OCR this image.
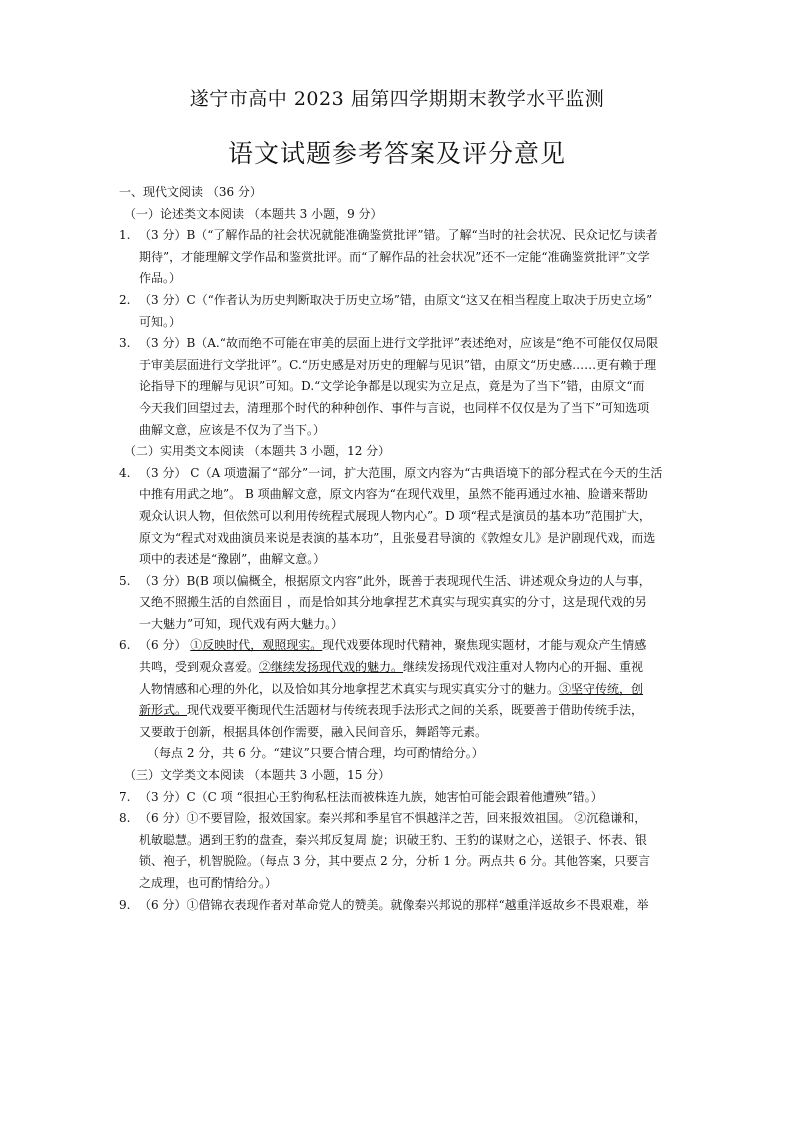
遂宁市高中 2023 届第四学期期末教学水平监测
语文试题参考答案及评分意见
一、现代文阅读 （36 分）
（一）论述类文本阅读 （本题共 3 小题，9 分）
1. （3 分）B（“了解作品的社会状况就能准确鉴赏批评”错。了解“当时的社会状况、民众记忆与读者
期待”，才能理解文学作品和鉴赏批评。而“了解作品的社会状况”还不一定能“准确鉴赏批评”文学
作品。）
2. （3 分）C（“作者认为历史判断取决于历史立场”错，由原文“这又在相当程度上取决于历史立场”
可知。）
3. （3 分）B（A.“故而绝不可能在审美的层面上进行文学批评”表述绝对，应该是“绝不可能仅仅局限
于审美层面进行文学批评”。C.“历史感是对历史的理解与见识”错，由原文“历史感……更有赖于理
论指导下的理解与见识”可知。D.“文学论争都是以现实为立足点，竟是为了当下”错，由原文“而
今天我们回望过去，清理那个时代的种种创作、事件与言说，也同样不仅仅是为了当下”可知选项
曲解文意，应该是不仅为了当下。）
（二）实用类文本阅读 （本题共 3 小题，12 分）
4. （3 分） C（A 项遗漏了“部分”一词，扩大范围，原文内容为“古典语境下的部分程式在今天的生活
中推有用武之地”。 B 项曲解文意，原文内容为“在现代戏里，虽然不能再通过水袖、脸谱来帮助
观众认识人物，但依然可以利用传统程式展现人物内心”。D 项“程式是演员的基本功”范围扩大，
原文为“程式对戏曲演员来说是表演的基本功”，且张曼君导演的《敦煌女儿》是沪剧现代戏，而选
项中的表述是“豫剧”，曲解文意。）
5. （3 分）B(B 项以偏概全，根据原文内容”此外，既善于表现现代生活、讲述观众身边的人与事，
又绝不照搬生活的自然面目 ，而是恰如其分地拿捏艺术真实与现实真实的分寸，这是现代戏的另
一大魅力”可知，现代戏有两大魅力。）
6. （6 分） ①反映时代，观照现实。现代戏要体现时代精神，聚焦现实题材，才能与观众产生情感
共鸣，受到观众喜爱。②继续发扬现代戏的魅力。继续发扬现代戏注重对人物内心的开掘、重视
人物情感和心理的外化，以及恰如其分地拿捏艺术真实与现实真实分寸的魅力。③坚守传统，创
新形式。现代戏要平衡现代生活题材与传统表现手法形式之间的关系，既要善于借助传统手法，
又要敢于创新，根据具体创作需要，融入民间音乐，舞蹈等元素。
（每点 2 分，共 6 分。“建议”只要合情合理，均可酌情给分。）
（三）文学类文本阅读 （本题共 3 小题，15 分）
7. （3 分）C（C 项 “很担心王豹徇私枉法而被株连九族，她害怕可能会跟着他遭殃”错。）
8. （6 分）①不要冒险，报效国家。秦兴邦和季星官不惧越洋之苦，回来报效祖国。 ②沉稳谦和，
机敏聪慧。遇到王豹的盘查，秦兴邦反复周 旋；识破王豹、王豹的谋财之心，送银子、怀表、银
锁、袍子，机智脱险。（每点 3 分，其中要点 2 分，分析 1 分。两点共 6 分。其他答案，只要言
之成理，也可酌情给分。）
9. （6 分）①借锦衣表现作者对革命党人的赞美。就像秦兴邦说的那样“越重洋返故乡不畏艰难，举
